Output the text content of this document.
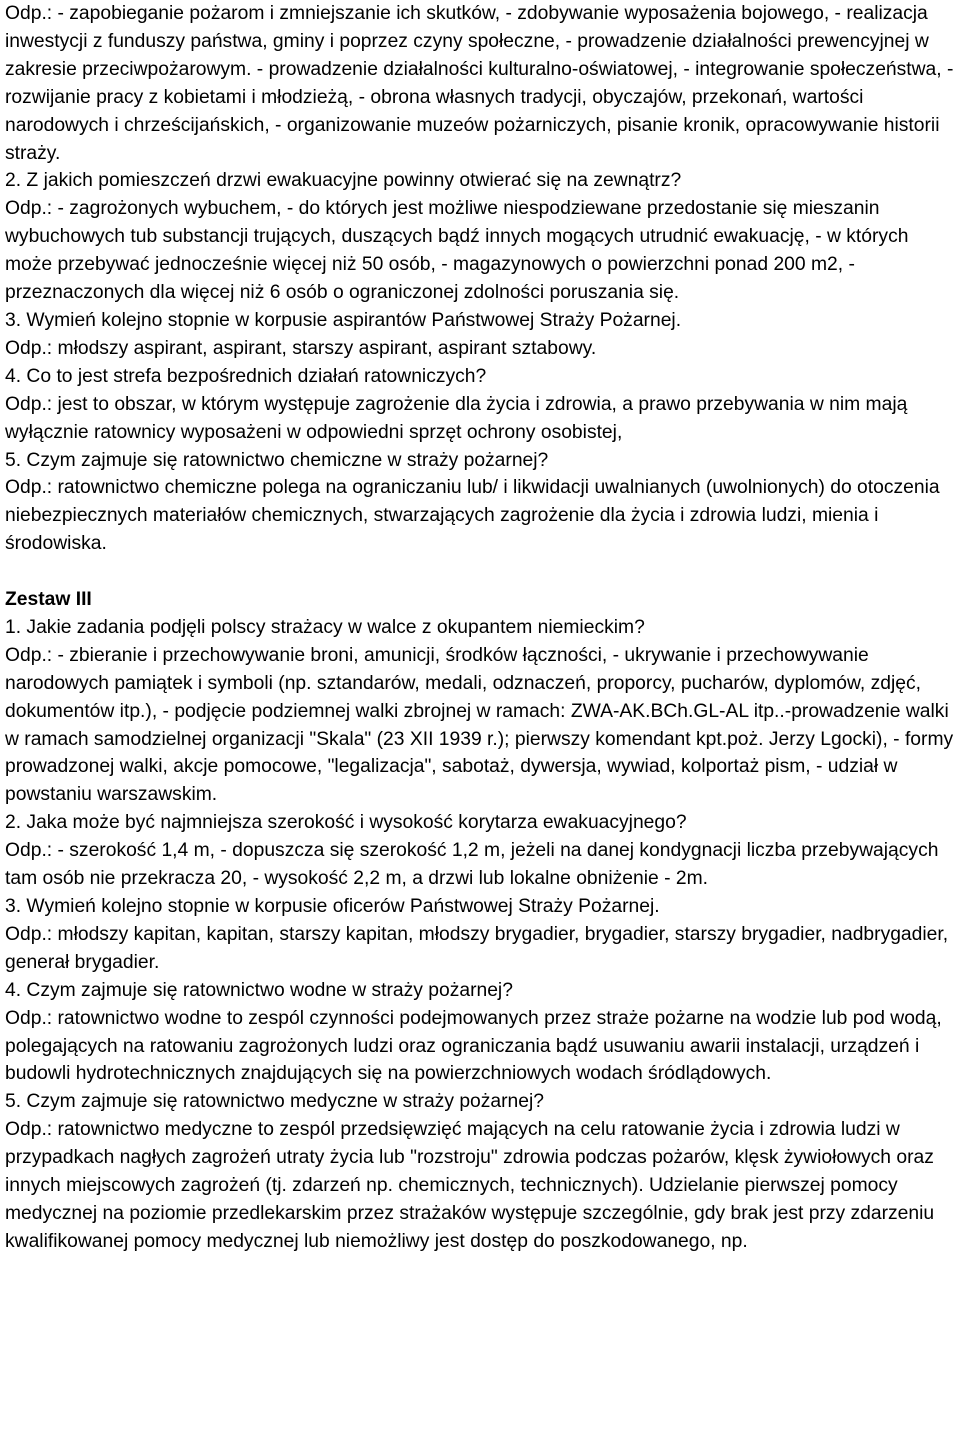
Odp.: - zapobieganie pożarom i zmniejszanie ich skutków, - zdobywanie wyposażenia bojowego, - realizacja inwestycji z funduszy państwa, gminy i poprzez czyny społeczne, - prowadzenie działalności prewencyjnej w zakresie przeciwpożarowym. - prowadzenie działalności kulturalno-oświatowej, - integrowanie społeczeństwa, - rozwijanie pracy z kobietami i młodzieżą, - obrona własnych tradycji, obyczajów, przekonań, wartości narodowych i chrześcijańskich, - organizowanie muzeów pożarniczych, pisanie kronik, opracowywanie historii straży.

2. Z jakich pomieszczeń drzwi ewakuacyjne powinny otwierać się na zewnątrz?

Odp.: - zagrożonych wybuchem, - do których jest możliwe niespodziewane przedostanie się mieszanin wybuchowych tub substancji trujących, duszących bądź innych mogących utrudnić ewakuację, - w których może przebywać jednocześnie więcej niż 50 osób, - magazynowych o powierzchni ponad 200 m2, - przeznaczonych dla więcej niż 6 osób o ograniczonej zdolności poruszania się.

3. Wymień kolejno stopnie w korpusie aspirantów Państwowej Straży Pożarnej.

Odp.: młodszy aspirant, aspirant, starszy aspirant, aspirant sztabowy.

4. Co to jest strefa bezpośrednich działań ratowniczych?

Odp.: jest to obszar, w którym występuje zagrożenie dla życia i zdrowia, a prawo przebywania w nim mają wyłącznie ratownicy wyposażeni w odpowiedni sprzęt ochrony osobistej,

5. Czym zajmuje się ratownictwo chemiczne w straży pożarnej?

Odp.: ratownictwo chemiczne polega na ograniczaniu lub/ i likwidacji uwalnianych (uwolnionych) do otoczenia niebezpiecznych materiałów chemicznych, stwarzających zagrożenie dla życia i zdrowia ludzi, mienia i środowiska.

Zestaw III

1. Jakie zadania podjęli polscy strażacy w walce z okupantem niemieckim?

Odp.: - zbieranie i przechowywanie broni, amunicji, środków łączności, - ukrywanie i przechowywanie narodowych pamiątek i symboli (np. sztandarów, medali, odznaczeń, proporcy, pucharów, dyplomów, zdjęć, dokumentów itp.), - podjęcie podziemnej walki zbrojnej w ramach: ZWA-AK.BCh.GL-AL itp..-prowadzenie walki w ramach samodzielnej organizacji "Skala" (23 XII 1939 r.); pierwszy komendant kpt.poż. Jerzy Lgocki), - formy prowadzonej walki, akcje pomocowe, "legalizacja", sabotaż, dywersja, wywiad, kolportaż pism, - udział w powstaniu warszawskim.

2. Jaka może być najmniejsza szerokość i wysokość korytarza ewakuacyjnego?

Odp.: - szerokość 1,4 m, - dopuszcza się szerokość 1,2 m, jeżeli na danej kondygnacji liczba przebywających tam osób nie przekracza 20, - wysokość 2,2 m, a drzwi lub lokalne obniżenie - 2m.

3. Wymień kolejno stopnie w korpusie oficerów Państwowej Straży Pożarnej.

Odp.: młodszy kapitan, kapitan, starszy kapitan, młodszy brygadier, brygadier, starszy brygadier, nadbrygadier, generał brygadier.

4. Czym zajmuje się ratownictwo wodne w straży pożarnej?

Odp.: ratownictwo wodne to zespól czynności podejmowanych przez straże pożarne na wodzie lub pod wodą, polegających na ratowaniu zagrożonych ludzi oraz ograniczania bądź usuwaniu awarii instalacji, urządzeń i budowli hydrotechnicznych znajdujących się na powierzchniowych wodach śródlądowych.

5. Czym zajmuje się ratownictwo medyczne w straży pożarnej?

Odp.: ratownictwo medyczne to zespól przedsięwzięć mających na celu ratowanie życia i zdrowia ludzi w przypadkach nagłych zagrożeń utraty życia lub "rozstroju" zdrowia podczas pożarów, klęsk żywiołowych oraz innych miejscowych zagrożeń (tj. zdarzeń np. chemicznych, technicznych). Udzielanie pierwszej pomocy medycznej na poziomie przedlekarskim przez strażaków występuje szczególnie, gdy brak jest przy zdarzeniu kwalifikowanej pomocy medycznej lub niemożliwy jest dostęp do poszkodowanego, np.
